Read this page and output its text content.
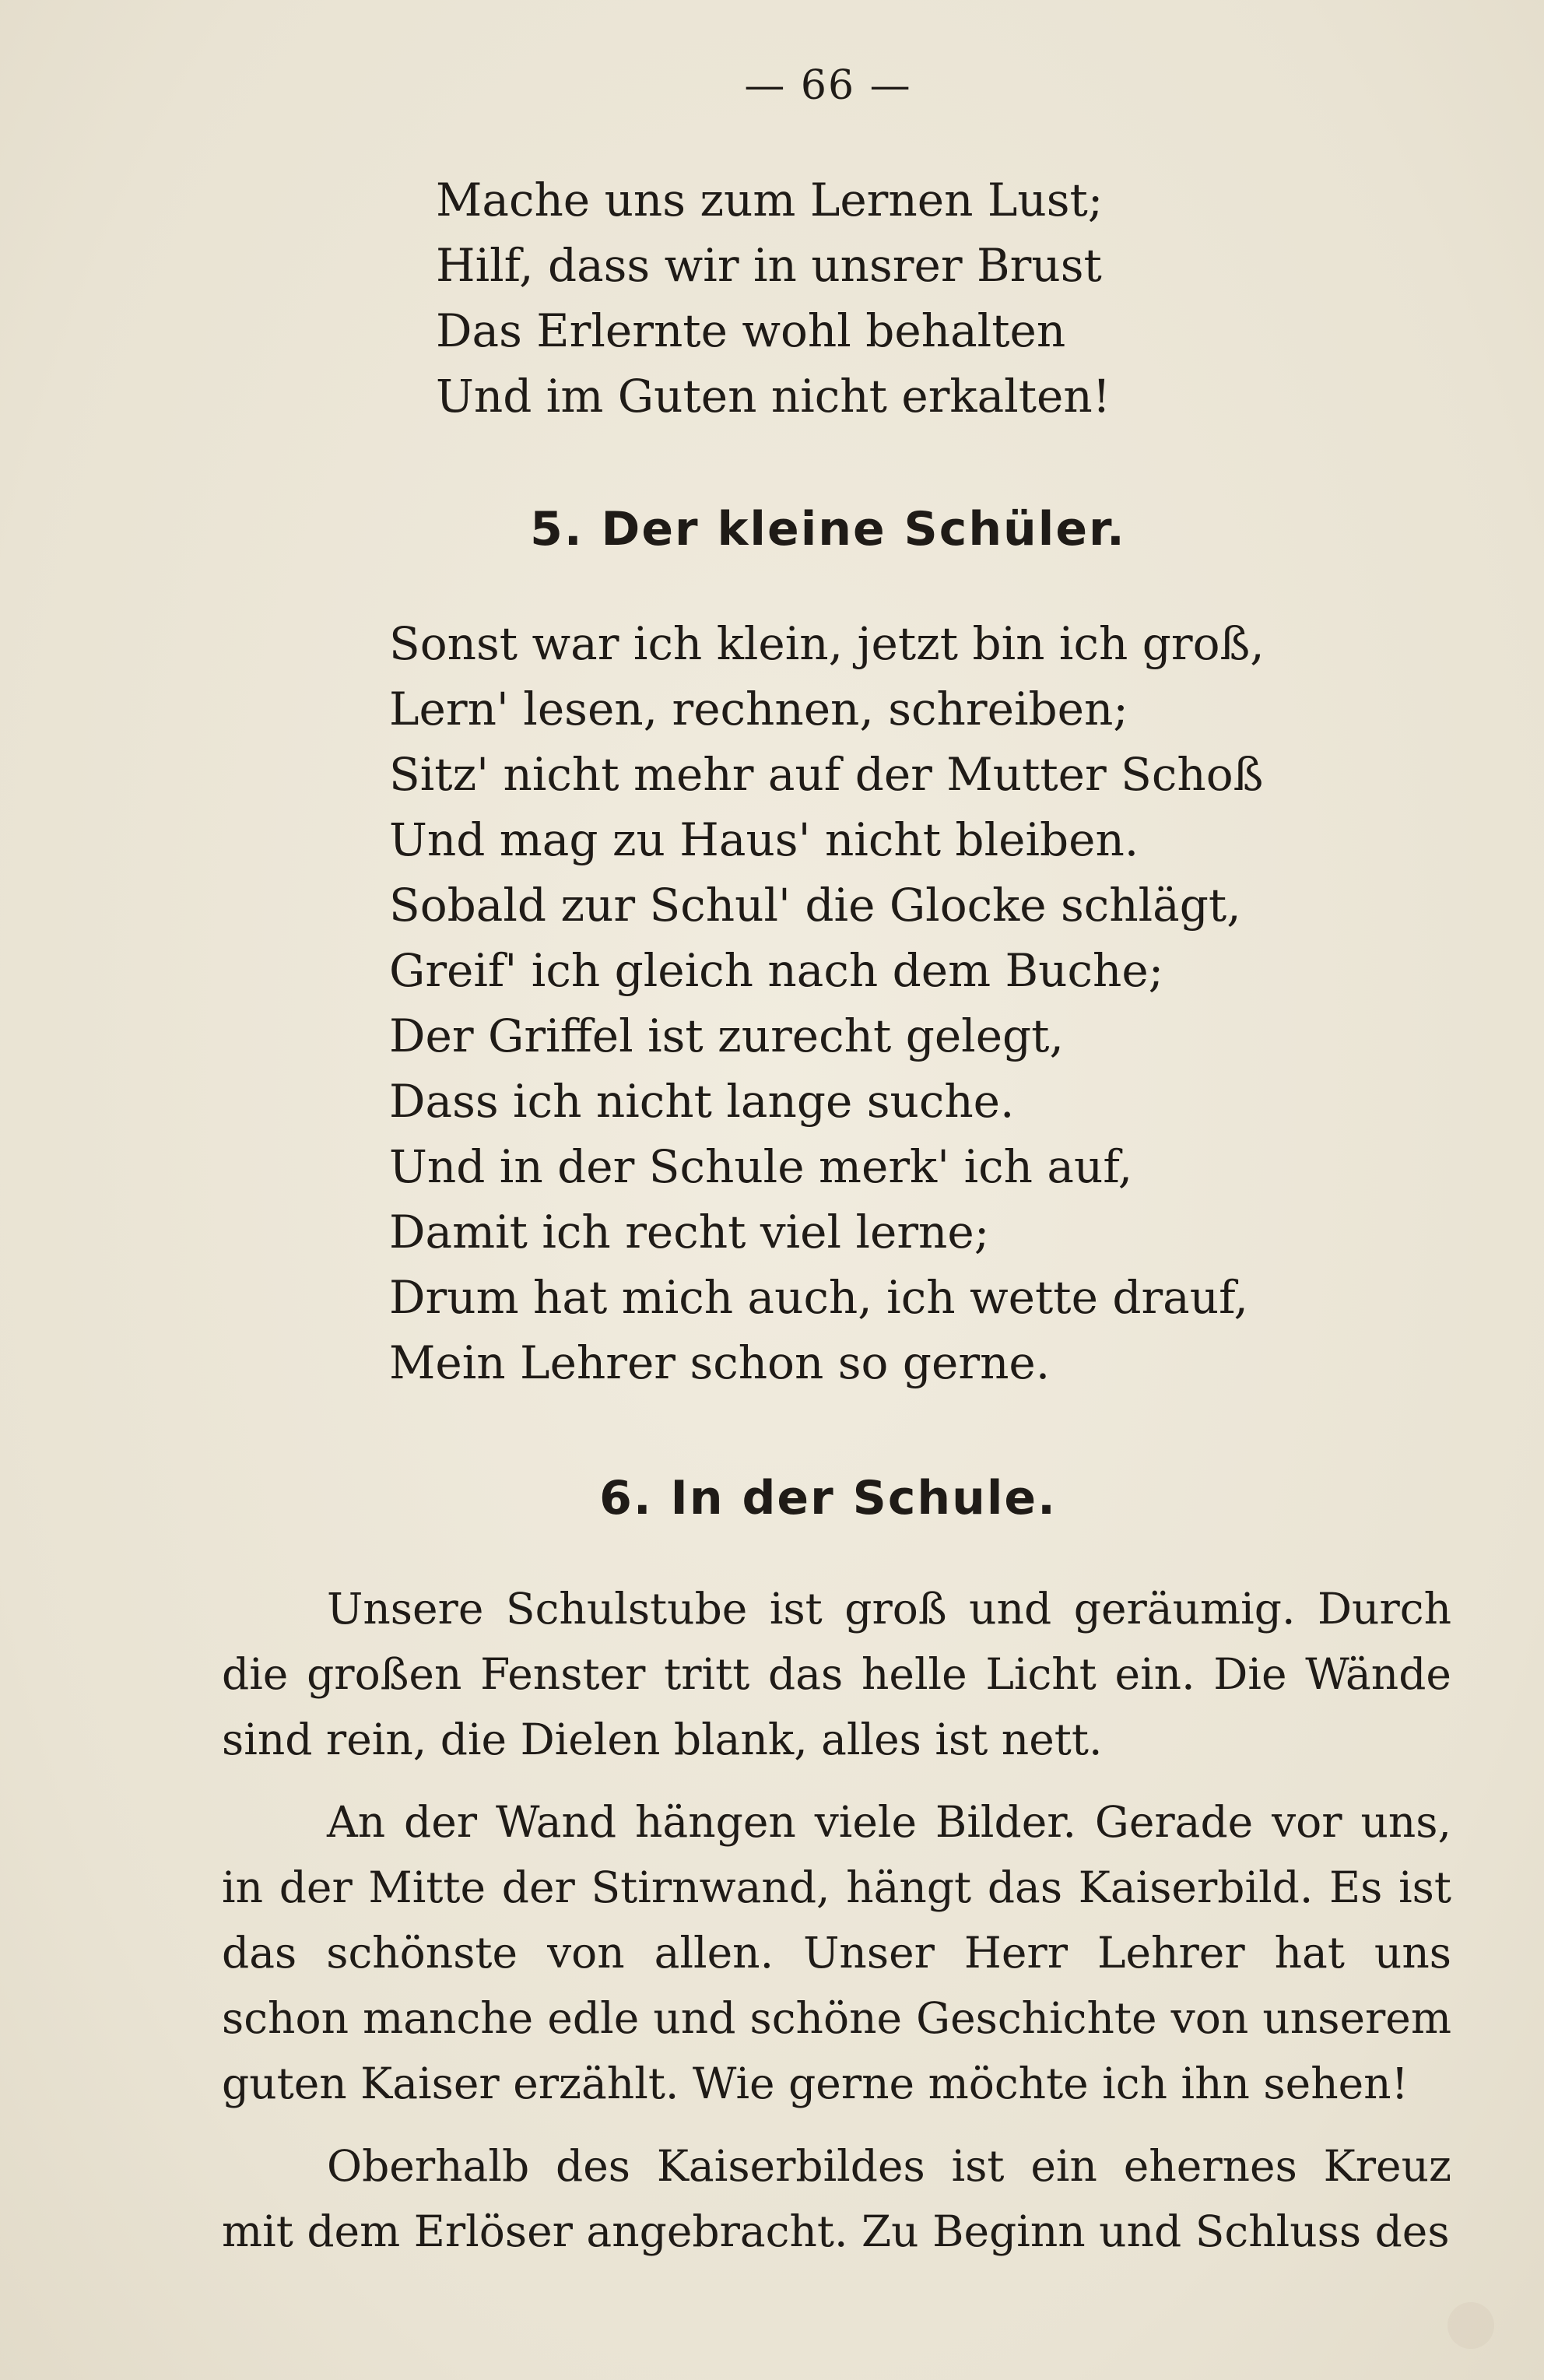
— 66 —
Mache uns zum Lernen Lust;
Hilf, dass wir in unsrer Brust
Das Erlernte wohl behalten
Und im Guten nicht erkalten!
5. Der kleine Schüler.
Sonst war ich klein, jetzt bin ich groß,
Lern' lesen, rechnen, schreiben;
Sitz' nicht mehr auf der Mutter Schoß
Und mag zu Haus' nicht bleiben.
Sobald zur Schul' die Glocke schlägt,
Greif' ich gleich nach dem Buche;
Der Griffel ist zurecht gelegt,
Dass ich nicht lange suche.
Und in der Schule merk' ich auf,
Damit ich recht viel lerne;
Drum hat mich auch, ich wette drauf,
Mein Lehrer schon so gerne.
6. In der Schule.

Unsere Schulstube ist groß und geräumig. Durch die großen Fenster tritt das helle Licht ein. Die Wände sind rein, die Dielen blank, alles ist nett.

An der Wand hängen viele Bilder. Gerade vor uns, in der Mitte der Stirnwand, hängt das Kaiserbild. Es ist das schönste von allen. Unser Herr Lehrer hat uns schon manche edle und schöne Geschichte von unserem guten Kaiser erzählt. Wie gerne möchte ich ihn sehen!

Oberhalb des Kaiserbildes ist ein ehernes Kreuz mit dem Erlöser angebracht. Zu Beginn und Schluss des
